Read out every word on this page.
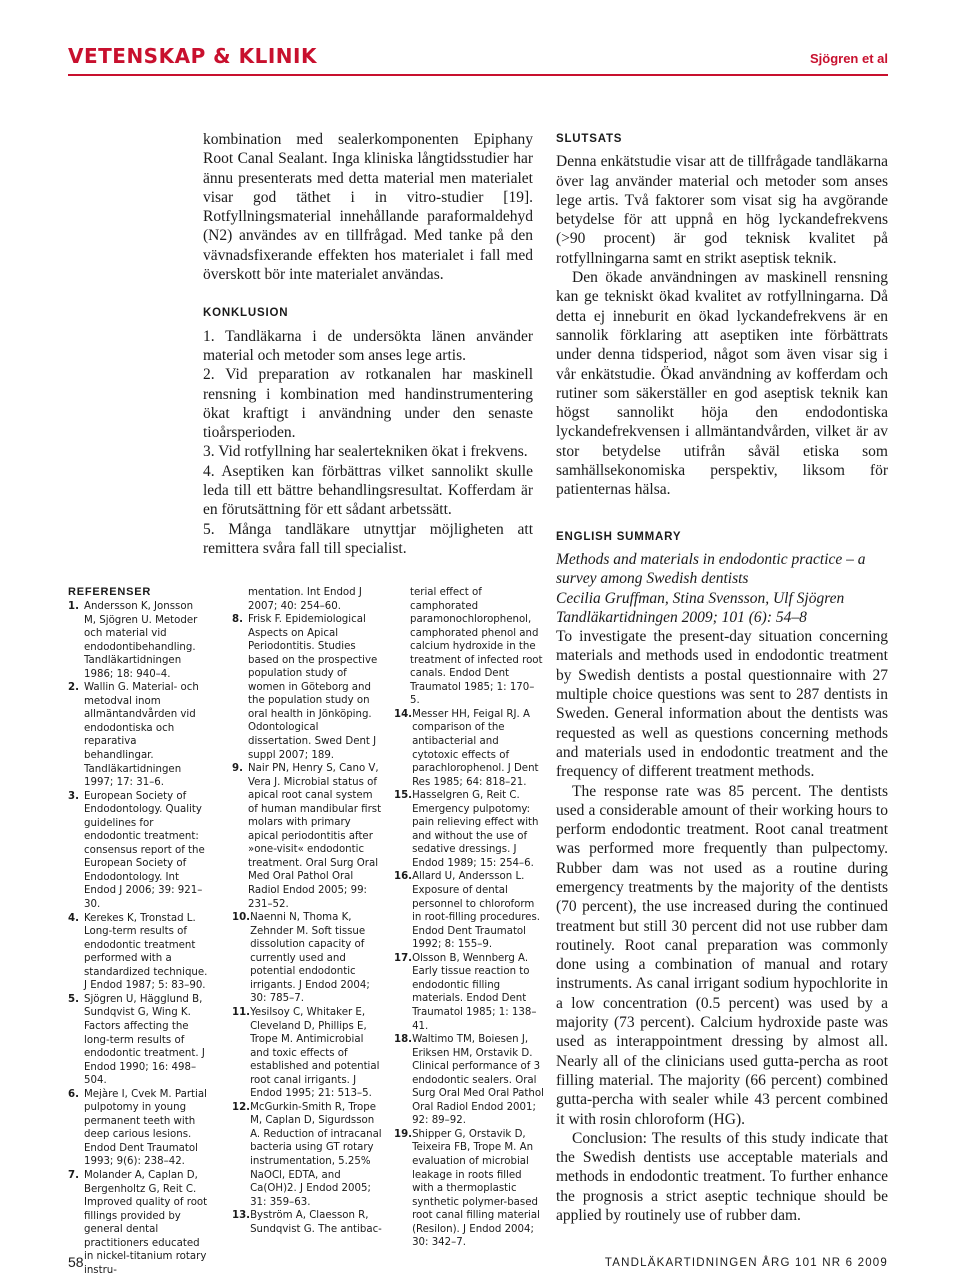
VETENSKAP & KLINIK	Sjögren et al

kombination med sealerkomponenten Epiphany Root Canal Sealant. Inga kliniska långtidsstudier har ännu presenterats med detta material men materialet visar god täthet i in vitro-studier [19]. Rotfyllningsmaterial innehållande paraformaldehyd (N2) användes av en tillfrågad. Med tanke på den vävnadsfixerande effekten hos materialet i fall med överskott bör inte materialet användas.

KONKLUSION
1. Tandläkarna i de undersökta länen använder material och metoder som anses lege artis.
2. Vid preparation av rotkanalen har maskinell rensning i kombination med handinstrumentering ökat kraftigt i användning under den senaste tioårsperioden.
3. Vid rotfyllning har sealertekniken ökat i frekvens.
4. Aseptiken kan förbättras vilket sannolikt skulle leda till ett bättre behandlingsresultat. Kofferdam är en förutsättning för ett sådant arbetssätt.
5. Många tandläkare utnyttjar möjligheten att remittera svåra fall till specialist.
SLUTSATS

Denna enkätstudie visar att de tillfrågade tandläkarna över lag använder material och metoder som anses lege artis. Två faktorer som visat sig ha avgörande betydelse för att uppnå en hög lyckandefrekvens (>90 procent) är god teknisk kvalitet på rotfyllningarna samt en strikt aseptisk teknik.

Den ökade användningen av maskinell rensning kan ge tekniskt ökad kvalitet av rotfyllningarna. Då detta ej inneburit en ökad lyckandefrekvens är en sannolik förklaring att aseptiken inte förbättrats under denna tidsperiod, något som även visar sig i vår enkätstudie. Ökad användning av kofferdam och rutiner som säkerställer en god aseptisk teknik kan högst sannolikt höja den endodontiska lyckandefrekvensen i allmäntandvården, vilket är av stor betydelse utifrån såväl etiska som samhällsekonomiska perspektiv, liksom för patienternas hälsa.

ENGLISH SUMMARY

Methods and materials in endodontic practice – a survey among Swedish dentists

Cecilia Gruffman, Stina Svensson, Ulf Sjögren

Tandläkartidningen 2009; 101 (6): 54–8

To investigate the present-day situation concerning materials and methods used in endodontic treatment by Swedish dentists a postal questionnaire with 27 multiple choice questions was sent to 287 dentists in Sweden. General information about the dentists was requested as well as questions concerning methods and materials used in endodontic treatment and the frequency of different treatment methods.

The response rate was 85 percent. The dentists used a considerable amount of their working hours to perform endodontic treatment. Root canal treatment was performed more frequently than pulpectomy. Rubber dam was not used as a routine during emergency treatments by the majority of the dentists (70 percent), the use increased during the continued treatment but still 30 percent did not use rubber dam routinely. Root canal preparation was commonly done using a combination of manual and rotary instruments. As canal irrigant sodium hypochlorite in a low concentration (0.5 percent) was used by a majority (73 percent). Calcium hydroxide paste was used as interappointment dressing by almost all. Nearly all of the clinicians used gutta-percha as root filling material. The majority (66 percent) combined gutta-percha with sealer while 43 percent combined it with rosin chloroform (HG).

Conclusion: The results of this study indicate that the Swedish dentists use acceptable materials and methods in endodontic treatment. To further enhance the prognosis a strict aseptic technique should be applied by routinely use of rubber dam.

REFERENSER
1. Andersson K, Jonsson M, Sjögren U. Metoder och material vid endodontibehandling. Tandläkartidningen 1986; 18: 940–4.
2. Wallin G. Material- och metodval inom allmäntandvården vid endodontiska och reparativa behandlingar. Tandläkartidningen 1997; 17: 31–6.
3. European Society of Endodontology. Quality guidelines for endodontic treatment: consensus report of the European Society of Endodontology. Int Endod J 2006; 39: 921–30.
4. Kerekes K, Tronstad L. Long-term results of endodontic treatment performed with a standardized technique. J Endod 1987; 5: 83–90.
5. Sjögren U, Hägglund B, Sundqvist G, Wing K. Factors affecting the long-term results of endodontic treatment. J Endod 1990; 16: 498–504.
6. Mejàre I, Cvek M. Partial pulpotomy in young permanent teeth with deep carious lesions. Endod Dent Traumatol 1993; 9(6): 238–42.
7. Molander A, Caplan D, Bergenholtz G, Reit C. Improved quality of root fillings provided by general dental practitioners educated in nickel-titanium rotary instru-
mentation. Int Endod J 2007; 40: 254–60.
8. Frisk F. Epidemiological Aspects on Apical Periodontitis. Studies based on the prospective population study of women in Göteborg and the population study on oral health in Jönköping. Odontological dissertation. Swed Dent J suppl 2007; 189.
9. Nair PN, Henry S, Cano V, Vera J. Microbial status of apical root canal system of human mandibular first molars with primary apical periodontitis after »one-visit« endodontic treatment. Oral Surg Oral Med Oral Pathol Oral Radiol Endod 2005; 99: 231–52.
10. Naenni N, Thoma K, Zehnder M. Soft tissue dissolution capacity of currently used and potential endodontic irrigants. J Endod 2004; 30: 785–7.
11. Yesilsoy C, Whitaker E, Cleveland D, Phillips E, Trope M. Antimicrobial and toxic effects of established and potential root canal irrigants. J Endod 1995; 21: 513–5.
12. McGurkin-Smith R, Trope M, Caplan D, Sigurdsson A. Reduction of intracanal bacteria using GT rotary instrumentation, 5.25% NaOCl, EDTA, and Ca(OH)2. J Endod 2005; 31: 359–63.
13. Byström A, Claesson R, Sundqvist G. The antibac-
terial effect of camphorated paramonochlorophenol, camphorated phenol and calcium hydroxide in the treatment of infected root canals. Endod Dent Traumatol 1985; 1: 170–5.
14. Messer HH, Feigal RJ. A comparison of the antibacterial and cytotoxic effects of parachlorophenol. J Dent Res 1985; 64: 818–21.
15. Hasselgren G, Reit C. Emergency pulpotomy: pain relieving effect with and without the use of sedative dressings. J Endod 1989; 15: 254–6.
16. Allard U, Andersson L. Exposure of dental personnel to chloroform in root-filling procedures. Endod Dent Traumatol 1992; 8: 155–9.
17. Olsson B, Wennberg A. Early tissue reaction to endodontic filling materials. Endod Dent Traumatol 1985; 1: 138–41.
18. Waltimo TM, Boiesen J, Eriksen HM, Orstavik D. Clinical performance of 3 endodontic sealers. Oral Surg Oral Med Oral Pathol Oral Radiol Endod 2001; 92: 89–92.
19. Shipper G, Orstavik D, Teixeira FB, Trope M. An evaluation of microbial leakage in roots filled with a thermoplastic synthetic polymer-based root canal filling material (Resilon). J Endod 2004; 30: 342–7.
58	TANDLÄKARTIDNINGEN ÅRG 101 NR 6 2009
